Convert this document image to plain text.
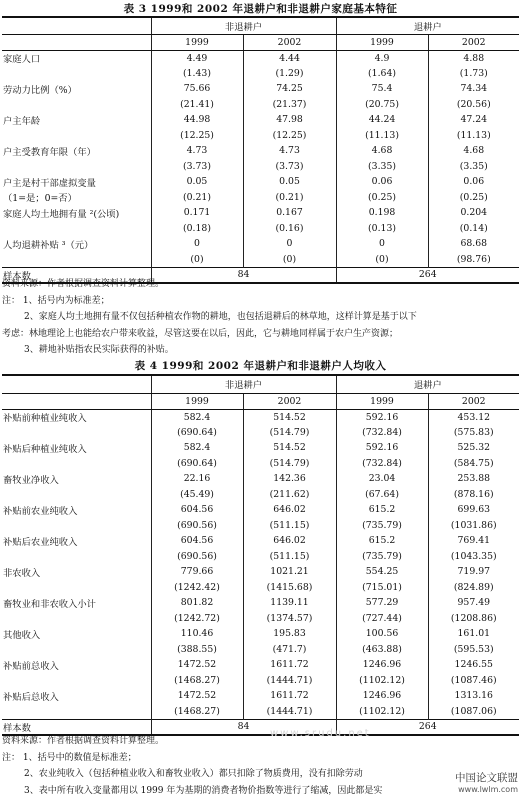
表 3 1999和 2002 年退耕户和非退耕户家庭基本特征
	非退耕户		退耕户	
	1999	2002	1999	2002
家庭人口	4.49	4.44	4.9	4.88
	(1.43)	(1.29)	(1.64)	(1.73)
劳动力比例（%）	75.66	74.25	75.4	74.34
	(21.41)	(21.37)	(20.75)	(20.56)
户主年龄	44.98	47.98	44.24	47.24
	(12.25)	(12.25)	(11.13)	(11.13)
户主受教育年限（年）	4.73	4.73	4.68	4.68
	(3.73)	(3.73)	(3.35)	(3.35)
户主是村干部虚拟变量	0.05	0.05	0.06	0.06
（1=是；0=否）	(0.21)	(0.21)	(0.25)	(0.25)
家庭人均土地拥有量 ²(公顷)	0.171	0.167	0.198	0.204
	(0.18)	(0.16)	(0.13)	(0.14)
人均退耕补贴 ³（元）	0	0	0	68.68
	(0)	(0)	(0)	(98.76)
样本数	84		264	
资料来源：作者根据调查资料计算整理。
注： 1、括号内为标准差；
2、家庭人均土地拥有量不仅包括种植农作物的耕地，也包括退耕后的林草地，这样计算是基于以下
考虑：林地理论上也能给农户带来收益，尽管这要在以后，因此，它与耕地同样属于农户生产资源；
3、耕地补贴指农民实际获得的补贴。
表 4 1999和 2002 年退耕户和非退耕户人均收入
	非退耕户		退耕户	
	1999	2002	1999	2002
补贴前种植业纯收入	582.4	514.52	592.16	453.12
	(690.64)	(514.79)	(732.84)	(575.83)
补贴后种植业纯收入	582.4	514.52	592.16	525.32
	(690.64)	(514.79)	(732.84)	(584.75)
畜牧业净收入	22.16	142.36	23.04	253.88
	(45.49)	(211.62)	(67.64)	(878.16)
补贴前农业纯收入	604.56	646.02	615.2	699.63
	(690.56)	(511.15)	(735.79)	(1031.86)
补贴后农业纯收入	604.56	646.02	615.2	769.41
	(690.56)	(511.15)	(735.79)	(1043.35)
非农收入	779.66	1021.21	554.25	719.97
	(1242.42)	(1415.68)	(715.01)	(824.89)
畜牧业和非农收入小计	801.82	1139.11	577.29	957.49
	(1242.72)	(1374.57)	(727.44)	(1208.86)
其他收入	110.46	195.83	100.56	161.01
	(388.55)	(471.7)	(463.88)	(595.53)
补贴前总收入	1472.52	1611.72	1246.96	1246.55
	(1468.27)	(1444.71)	(1102.12)	(1087.46)
补贴后总收入	1472.52	1611.72	1246.96	1313.16
	(1468.27)	(1444.71)	(1102.12)	(1087.06)
样本数	84		264	
www.srudu.net
资料来源：作者根据调查资料计算整理。
注： 1、括号中的数值是标准差；
2、农业纯收入（包括种植业收入和畜牧业收入）都只扣除了物质费用，没有扣除劳动
3、表中所有收入变量都用以 1999 年为基期的消费者物价指数等进行了缩减，因此都是实
中国论文联盟
www.lwlm.com
